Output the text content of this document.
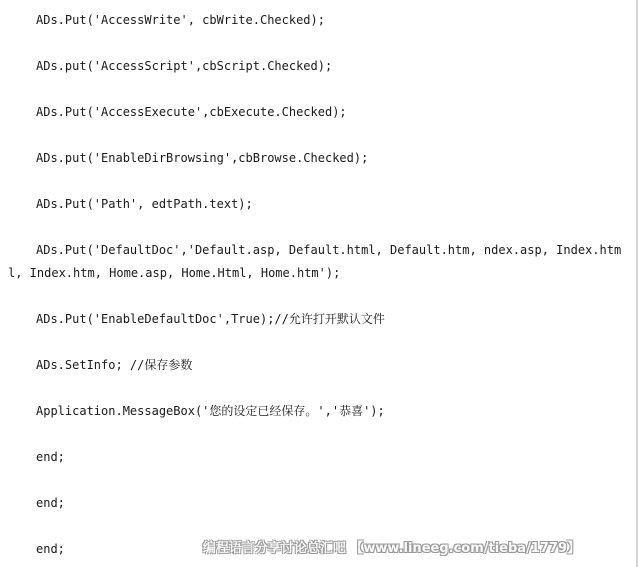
ADs.Put('AccessWrite', cbWrite.Checked);
ADs.put('AccessScript',cbScript.Checked);
ADs.Put('AccessExecute',cbExecute.Checked);
ADs.put('EnableDirBrowsing',cbBrowse.Checked);
ADs.Put('Path', edtPath.text);
ADs.Put('DefaultDoc','Default.asp, Default.html, Default.htm, ndex.asp, Index.htm
l, Index.htm, Home.asp, Home.Html, Home.htm');
ADs.Put('EnableDefaultDoc',True);//允许打开默认文件
ADs.SetInfo; //保存参数
Application.MessageBox('您的设定已经保存。','恭喜');
end;
end;
end;	编程语言分享讨论总汇吧 【www.lineeg.com/tieba/1779】
